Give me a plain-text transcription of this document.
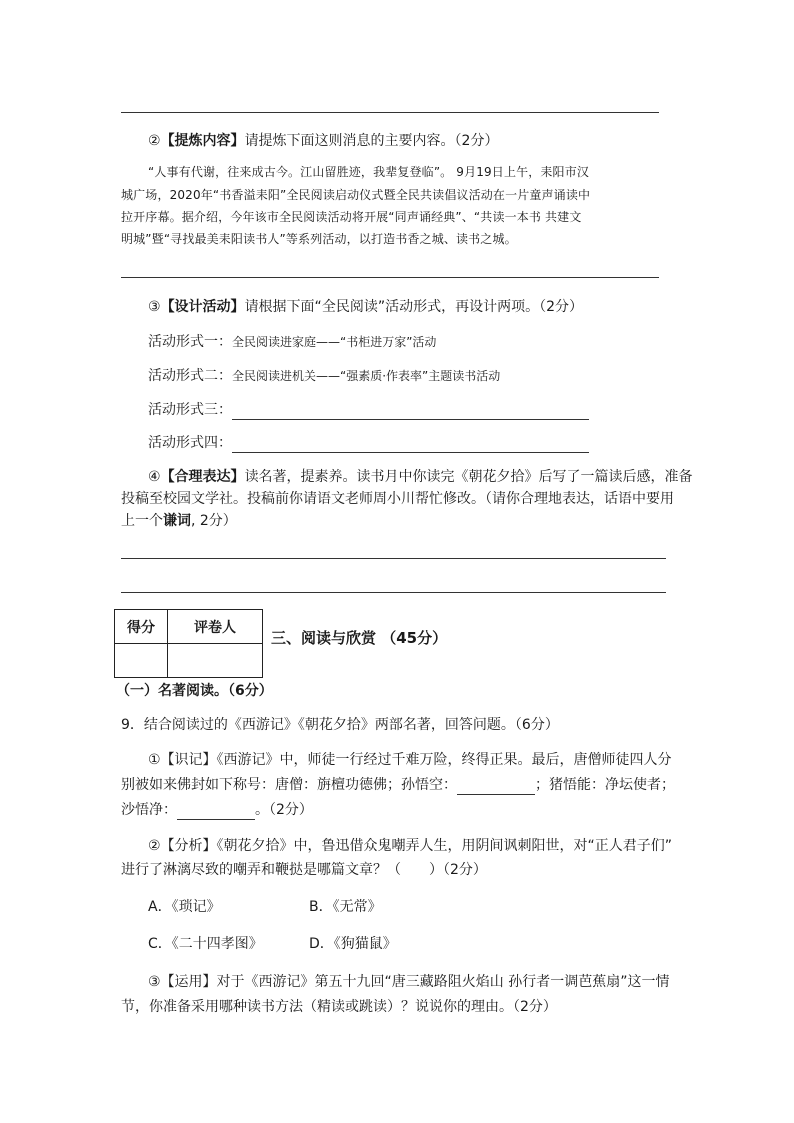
②【提炼内容】请提炼下面这则消息的主要内容。（2分）
“人事有代谢，往来成古今。江山留胜迹，我辈复登临”。 9月19日上午，耒阳市汉
城广场，2020年“书香溢耒阳”全民阅读启动仪式暨全民共读倡议活动在一片童声诵读中
拉开序幕。据介绍，今年该市全民阅读活动将开展“同声诵经典”、“共读一本书 共建文
明城”暨“寻找最美耒阳读书人”等系列活动，以打造书香之城、读书之城。
③【设计活动】请根据下面“全民阅读”活动形式，再设计两项。（2分）
活动形式一：全民阅读进家庭——“书柜进万家”活动
活动形式二：全民阅读进机关——“强素质·作表率”主题读书活动
活动形式三：
活动形式四：
④【合理表达】读名著，提素养。读书月中你读完《朝花夕拾》后写了一篇读后感，准备
投稿至校园文学社。投稿前你请语文老师周小川帮忙修改。（请你合理地表达，话语中要用
上一个谦词, 2分）
得分	评卷人

三、阅读与欣赏 （45分）
（一）名著阅读。（6分）
9．结合阅读过的《西游记》《朝花夕拾》两部名著，回答问题。（6分）
①【识记】《西游记》中，师徒一行经过千难万险，终得正果。最后，唐僧师徒四人分
别被如来佛封如下称号：唐僧：旃檀功德佛；孙悟空：	；猪悟能：净坛使者；
沙悟净：	。（2分）
②【分析】《朝花夕拾》中，鲁迅借众鬼嘲弄人生，用阴间讽刺阳世，对“正人君子们”
进行了淋漓尽致的嘲弄和鞭挞是哪篇文章？（　　）（2分）
A．《琐记》	B．《无常》
C．《二十四孝图》	D．《狗猫鼠》
③【运用】对于《西游记》第五十九回“唐三藏路阻火焰山 孙行者一调芭蕉扇”这一情
节，你准备采用哪种读书方法（精读或跳读）？说说你的理由。（2分）
